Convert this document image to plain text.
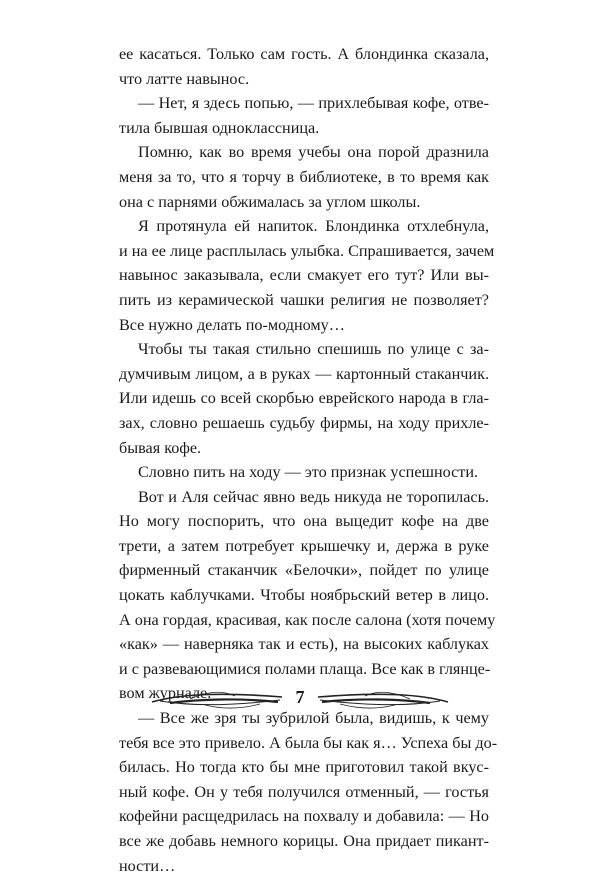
ее касаться. Только сам гость. А блондинка сказала,
что латте навынос.
— Нет, я здесь попью, — прихлебывая кофе, отве-
тила бывшая одноклассница.
Помню, как во время учебы она порой дразнила
меня за то, что я торчу в библиотеке, в то время как
она с парнями обжималась за углом школы.
Я протянула ей напиток. Блондинка отхлебнула,
и на ее лице расплылась улыбка. Спрашивается, зачем
навынос заказывала, если смакует его тут? Или вы-
пить из керамической чашки религия не позволяет?
Все нужно делать по-модному…
Чтобы ты такая стильно спешишь по улице с за-
думчивым лицом, а в руках — картонный стаканчик.
Или идешь со всей скорбью еврейского народа в гла-
зах, словно решаешь судьбу фирмы, на ходу прихле-
бывая кофе.
Словно пить на ходу — это признак успешности.
Вот и Аля сейчас явно ведь никуда не торопилась.
Но могу поспорить, что она выцедит кофе на две
трети, а затем потребует крышечку и, держа в руке
фирменный стаканчик «Белочки», пойдет по улице
цокать каблучками. Чтобы ноябрьский ветер в лицо.
А она гордая, красивая, как после салона (хотя почему
«как» — наверняка так и есть), на высоких каблуках
и с развевающимися полами плаща. Все как в глянце-
вом журнале.
— Все же зря ты зубрилой была, видишь, к чему
тебя все это привело. А была бы как я… Успеха бы до-
билась. Но тогда кто бы мне приготовил такой вкус-
ный кофе. Он у тебя получился отменный, — гостья
кофейни расщедрилась на похвалу и добавила: — Но
все же добавь немного корицы. Она придает пикант-
ности…
7
